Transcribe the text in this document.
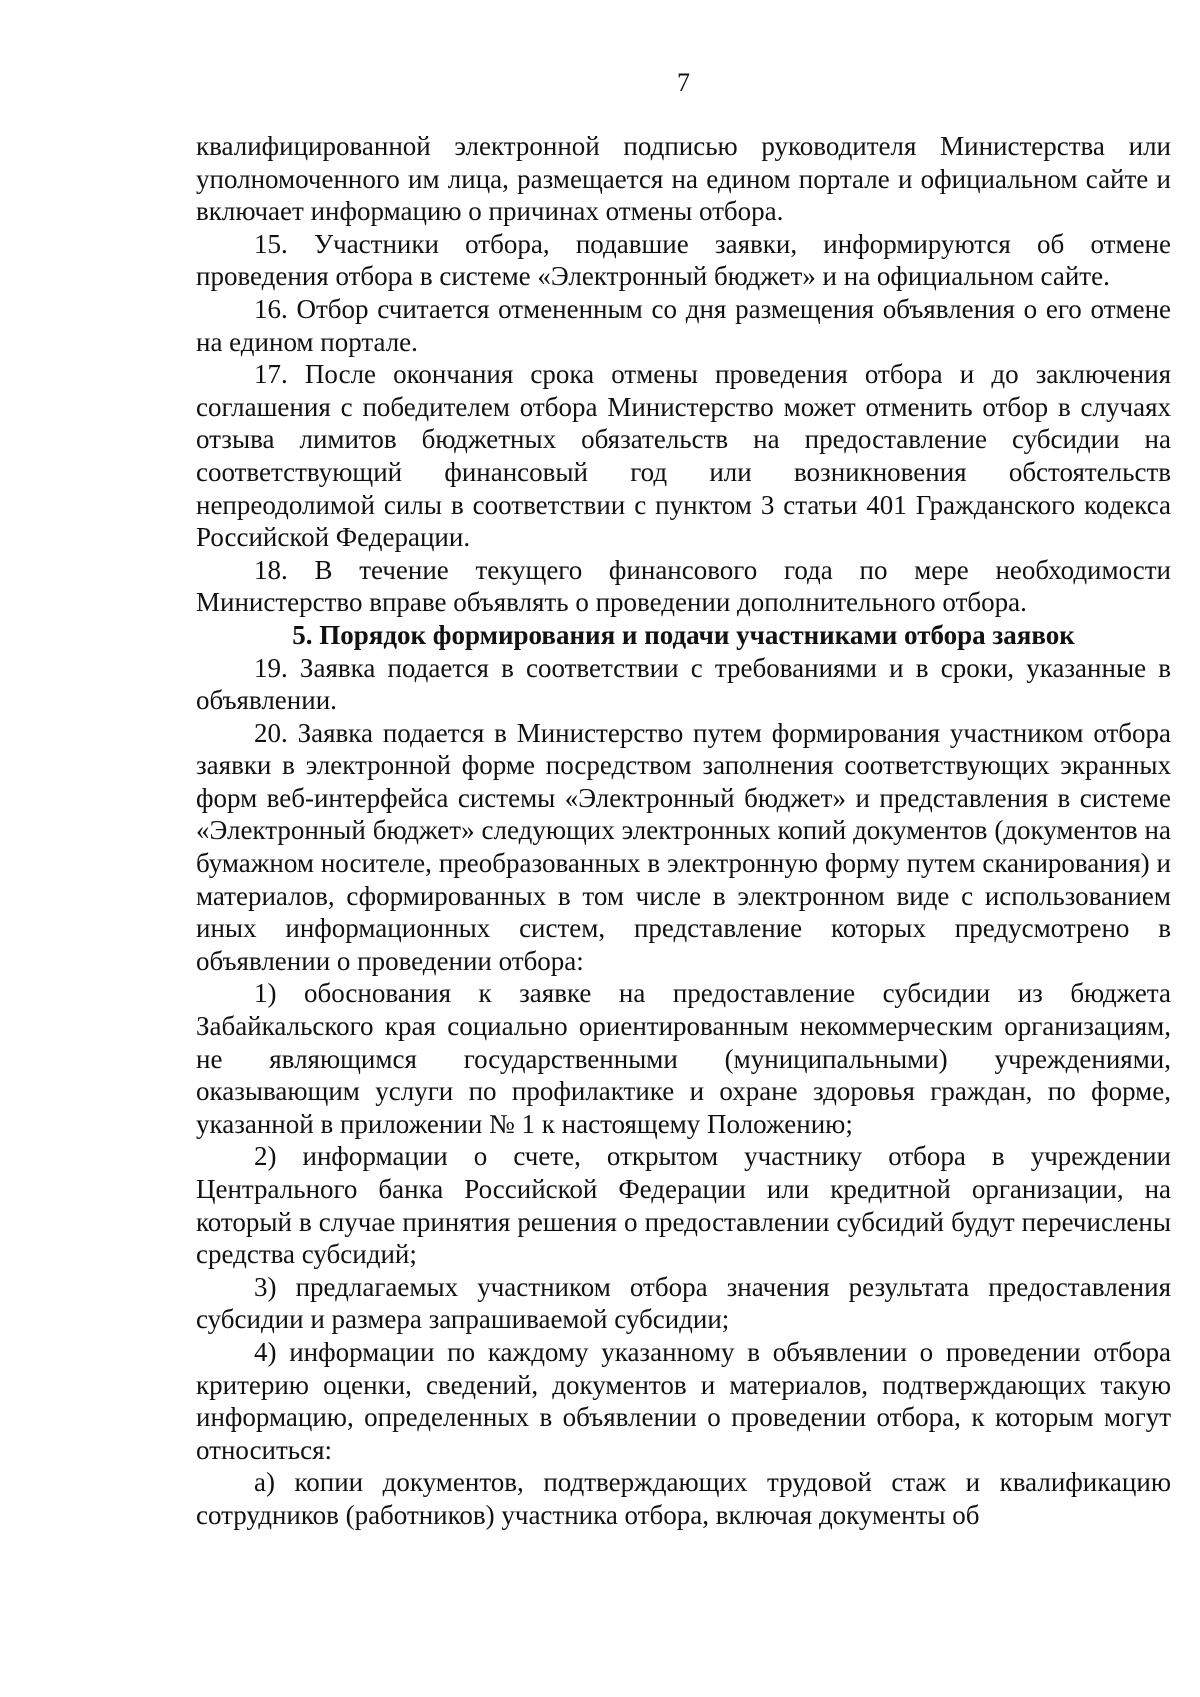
7

квалифицированной электронной подписью руководителя Министерства или уполномоченного им лица, размещается на едином портале и официальном сайте и включает информацию о причинах отмены отбора.

15. Участники отбора, подавшие заявки, информируются об отмене проведения отбора в системе «Электронный бюджет» и на официальном сайте.

16. Отбор считается отмененным со дня размещения объявления о его отмене на едином портале.

17. После окончания срока отмены проведения отбора и до заключения соглашения с победителем отбора Министерство может отменить отбор в случаях отзыва лимитов бюджетных обязательств на предоставление субсидии на соответствующий финансовый год или возникновения обстоятельств непреодолимой силы в соответствии с пунктом 3 статьи 401 Гражданского кодекса Российской Федерации.

18. В течение текущего финансового года по мере необходимости Министерство вправе объявлять о проведении дополнительного отбора.

5. Порядок формирования и подачи участниками отбора заявок

19. Заявка подается в соответствии с требованиями и в сроки, указанные в объявлении.

20. Заявка подается в Министерство путем формирования участником отбора заявки в электронной форме посредством заполнения соответствующих экранных форм веб-интерфейса системы «Электронный бюджет» и представления в системе «Электронный бюджет» следующих электронных копий документов (документов на бумажном носителе, преобразованных в электронную форму путем сканирования) и материалов, сформированных в том числе в электронном виде с использованием иных информационных систем, представление которых предусмотрено в объявлении о проведении отбора:

1) обоснования к заявке на предоставление субсидии из бюджета Забайкальского края социально ориентированным некоммерческим организациям, не являющимся государственными (муниципальными) учреждениями, оказывающим услуги по профилактике и охране здоровья граждан, по форме, указанной в приложении № 1 к настоящему Положению;

2) информации о счете, открытом участнику отбора в учреждении Центрального банка Российской Федерации или кредитной организации, на который в случае принятия решения о предоставлении субсидий будут перечислены средства субсидий;

3) предлагаемых участником отбора значения результата предоставления субсидии и размера запрашиваемой субсидии;

4) информации по каждому указанному в объявлении о проведении отбора критерию оценки, сведений, документов и материалов, подтверждающих такую информацию, определенных в объявлении о проведении отбора, к которым могут относиться:

а) копии документов, подтверждающих трудовой стаж и квалификацию сотрудников (работников) участника отбора, включая документы об
